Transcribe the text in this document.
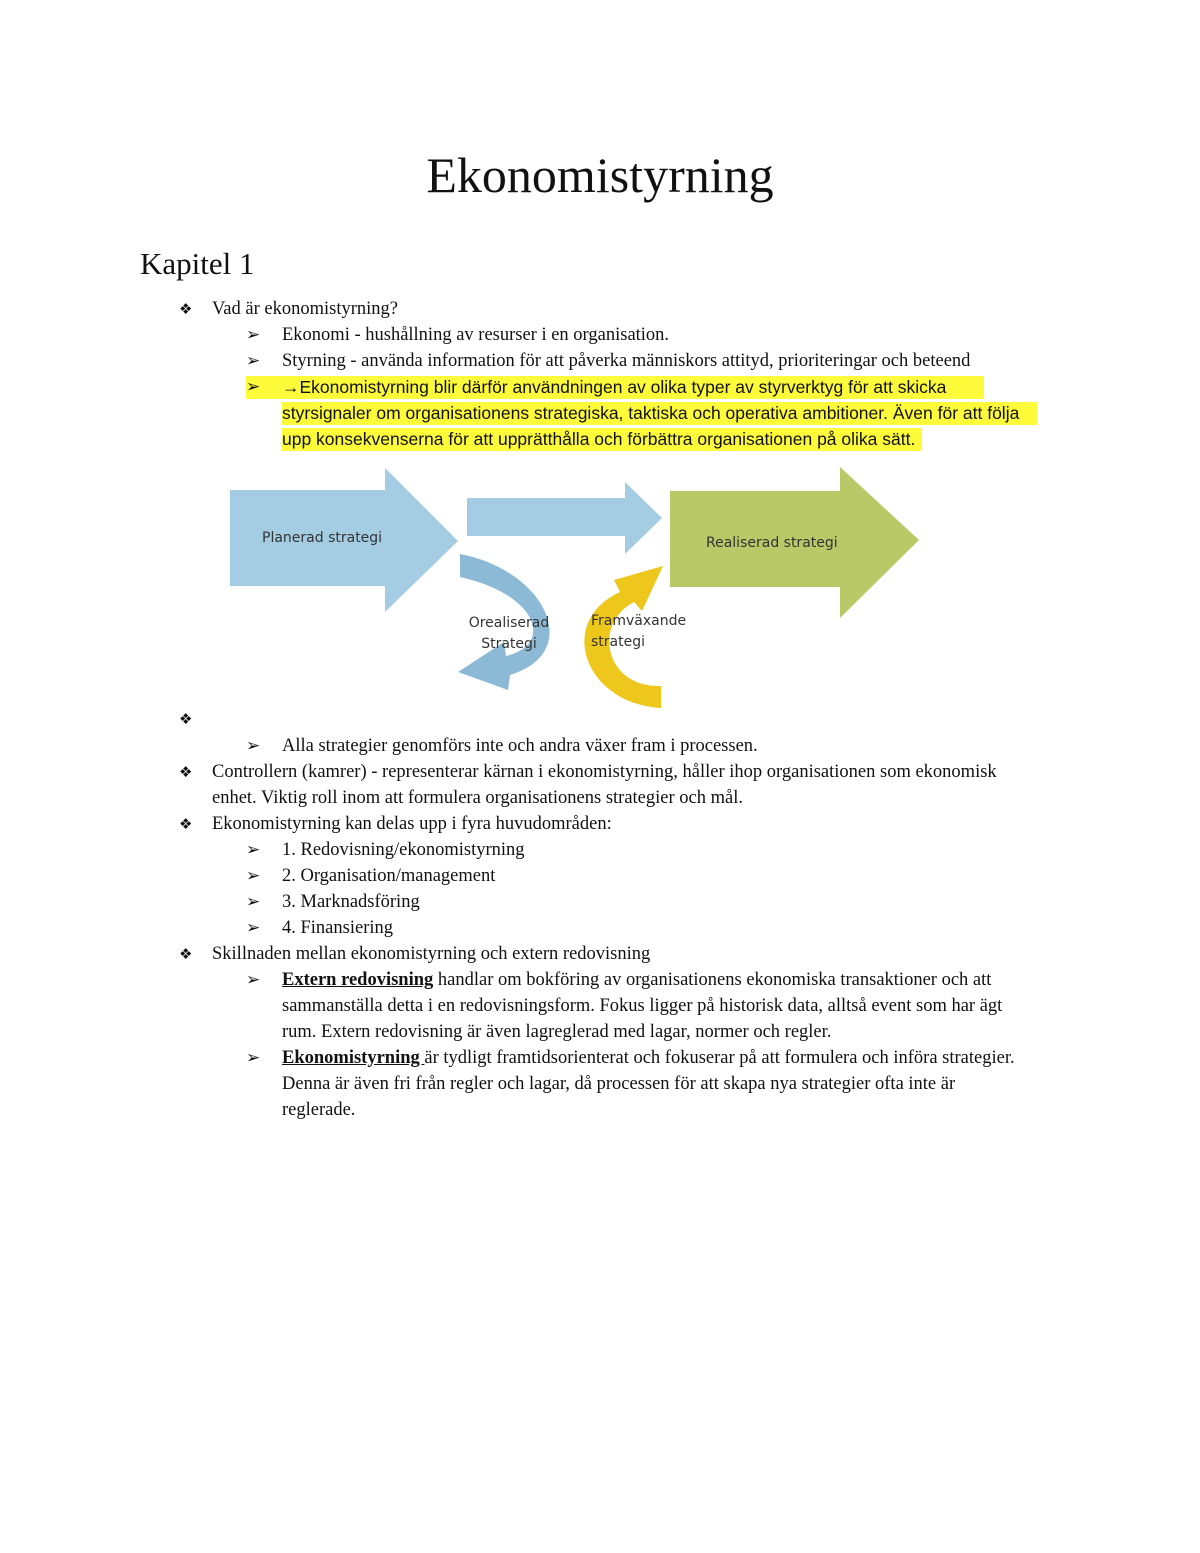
Ekonomistyrning
Kapitel 1
❖	Vad är ekonomistyrning?

➢	Ekonomi - hushållning av resurser i en organisation.

➢	Styrning - använda information för att påverka människors attityd, prioriteringar och beteend

➢	→Ekonomistyrning blir därför användningen av olika typer av styrverktyg för att skicka

styrsignaler om organisationens strategiska, taktiska och operativa ambitioner. Även för att följa

upp konsekvenserna för att upprätthålla och förbättra organisationen på olika sätt.

Planerad strategi	Realiserad strategi

Orealiserad

Strategi

Framväxande

strategi

❖
➢	Alla strategier genomförs inte och andra växer fram i processen.

❖	Controllern (kamrer) - representerar kärnan i ekonomistyrning, håller ihop organisationen som ekonomisk

enhet. Viktig roll inom att formulera organisationens strategier och mål.

❖	Ekonomistyrning kan delas upp i fyra huvudområden:

➢	1. Redovisning/ekonomistyrning

➢	2. Organisation/management

➢	3. Marknadsföring

➢	4. Finansiering

❖	Skillnaden mellan ekonomistyrning och extern redovisning

➢	Extern redovisning handlar om bokföring av organisationens ekonomiska transaktioner och att

sammanställa detta i en redovisningsform. Fokus ligger på historisk data, alltså event som har ägt

rum. Extern redovisning är även lagreglerad med lagar, normer och regler.

➢	Ekonomistyrning är tydligt framtidsorienterat och fokuserar på att formulera och införa strategier.

Denna är även fri från regler och lagar, då processen för att skapa nya strategier ofta inte är

reglerade.
